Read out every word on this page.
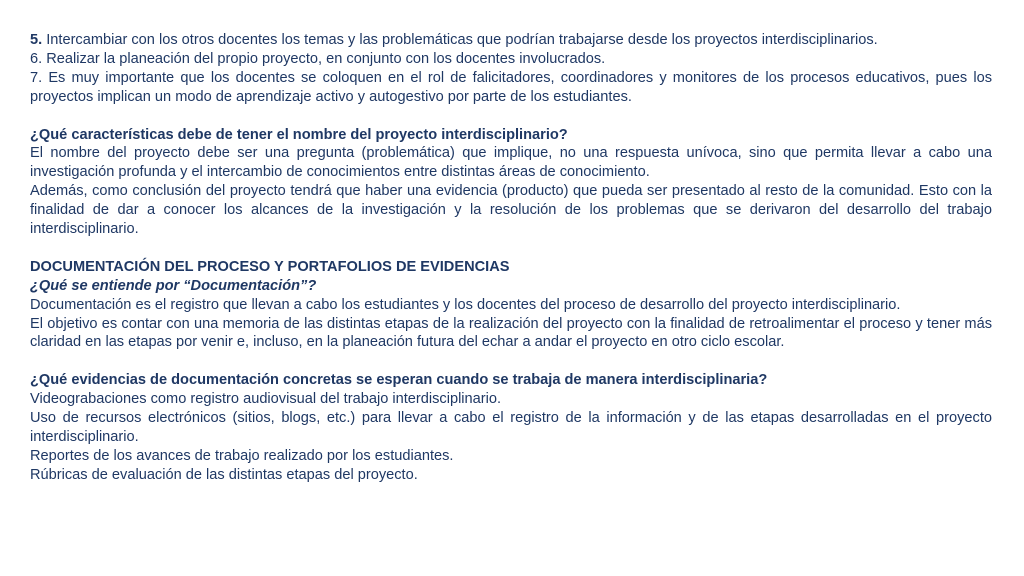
5. Intercambiar con los otros docentes los temas y las problemáticas que podrían trabajarse desde los proyectos interdisciplinarios.

6. Realizar la planeación del propio proyecto, en conjunto con los docentes involucrados.

7. Es muy importante que los docentes se coloquen en el rol de falicitadores, coordinadores y monitores de los procesos educativos, pues los proyectos implican un modo de aprendizaje activo y autogestivo por parte de los estudiantes.

¿Qué características debe de tener el nombre del proyecto interdisciplinario?

El nombre del proyecto debe ser una pregunta (problemática) que implique, no una respuesta unívoca, sino que permita llevar a cabo una investigación profunda y el intercambio de conocimientos entre distintas áreas de conocimiento.

Además, como conclusión del proyecto tendrá que haber una evidencia (producto) que pueda ser presentado al resto de la comunidad. Esto con la finalidad de dar a conocer los alcances de la investigación y la resolución de los problemas que se derivaron del desarrollo del trabajo interdisciplinario.

DOCUMENTACIÓN DEL PROCESO Y PORTAFOLIOS DE EVIDENCIAS

¿Qué se entiende por “Documentación”?

Documentación es el registro que llevan a cabo los estudiantes y los docentes del proceso de desarrollo del proyecto interdisciplinario.

El objetivo es contar con una memoria de las distintas etapas de la realización del proyecto con la finalidad de retroalimentar el proceso y tener más claridad en las etapas por venir e, incluso, en la planeación futura del echar a andar el proyecto en otro ciclo escolar.

¿Qué evidencias de documentación concretas se esperan cuando se trabaja de manera interdisciplinaria?

Videograbaciones como registro audiovisual del trabajo interdisciplinario.

Uso de recursos electrónicos (sitios, blogs, etc.) para llevar a cabo el registro de la información y de las etapas desarrolladas en el proyecto interdisciplinario.

Reportes de los avances de trabajo realizado por los estudiantes.

Rúbricas de evaluación de las distintas etapas del proyecto.
